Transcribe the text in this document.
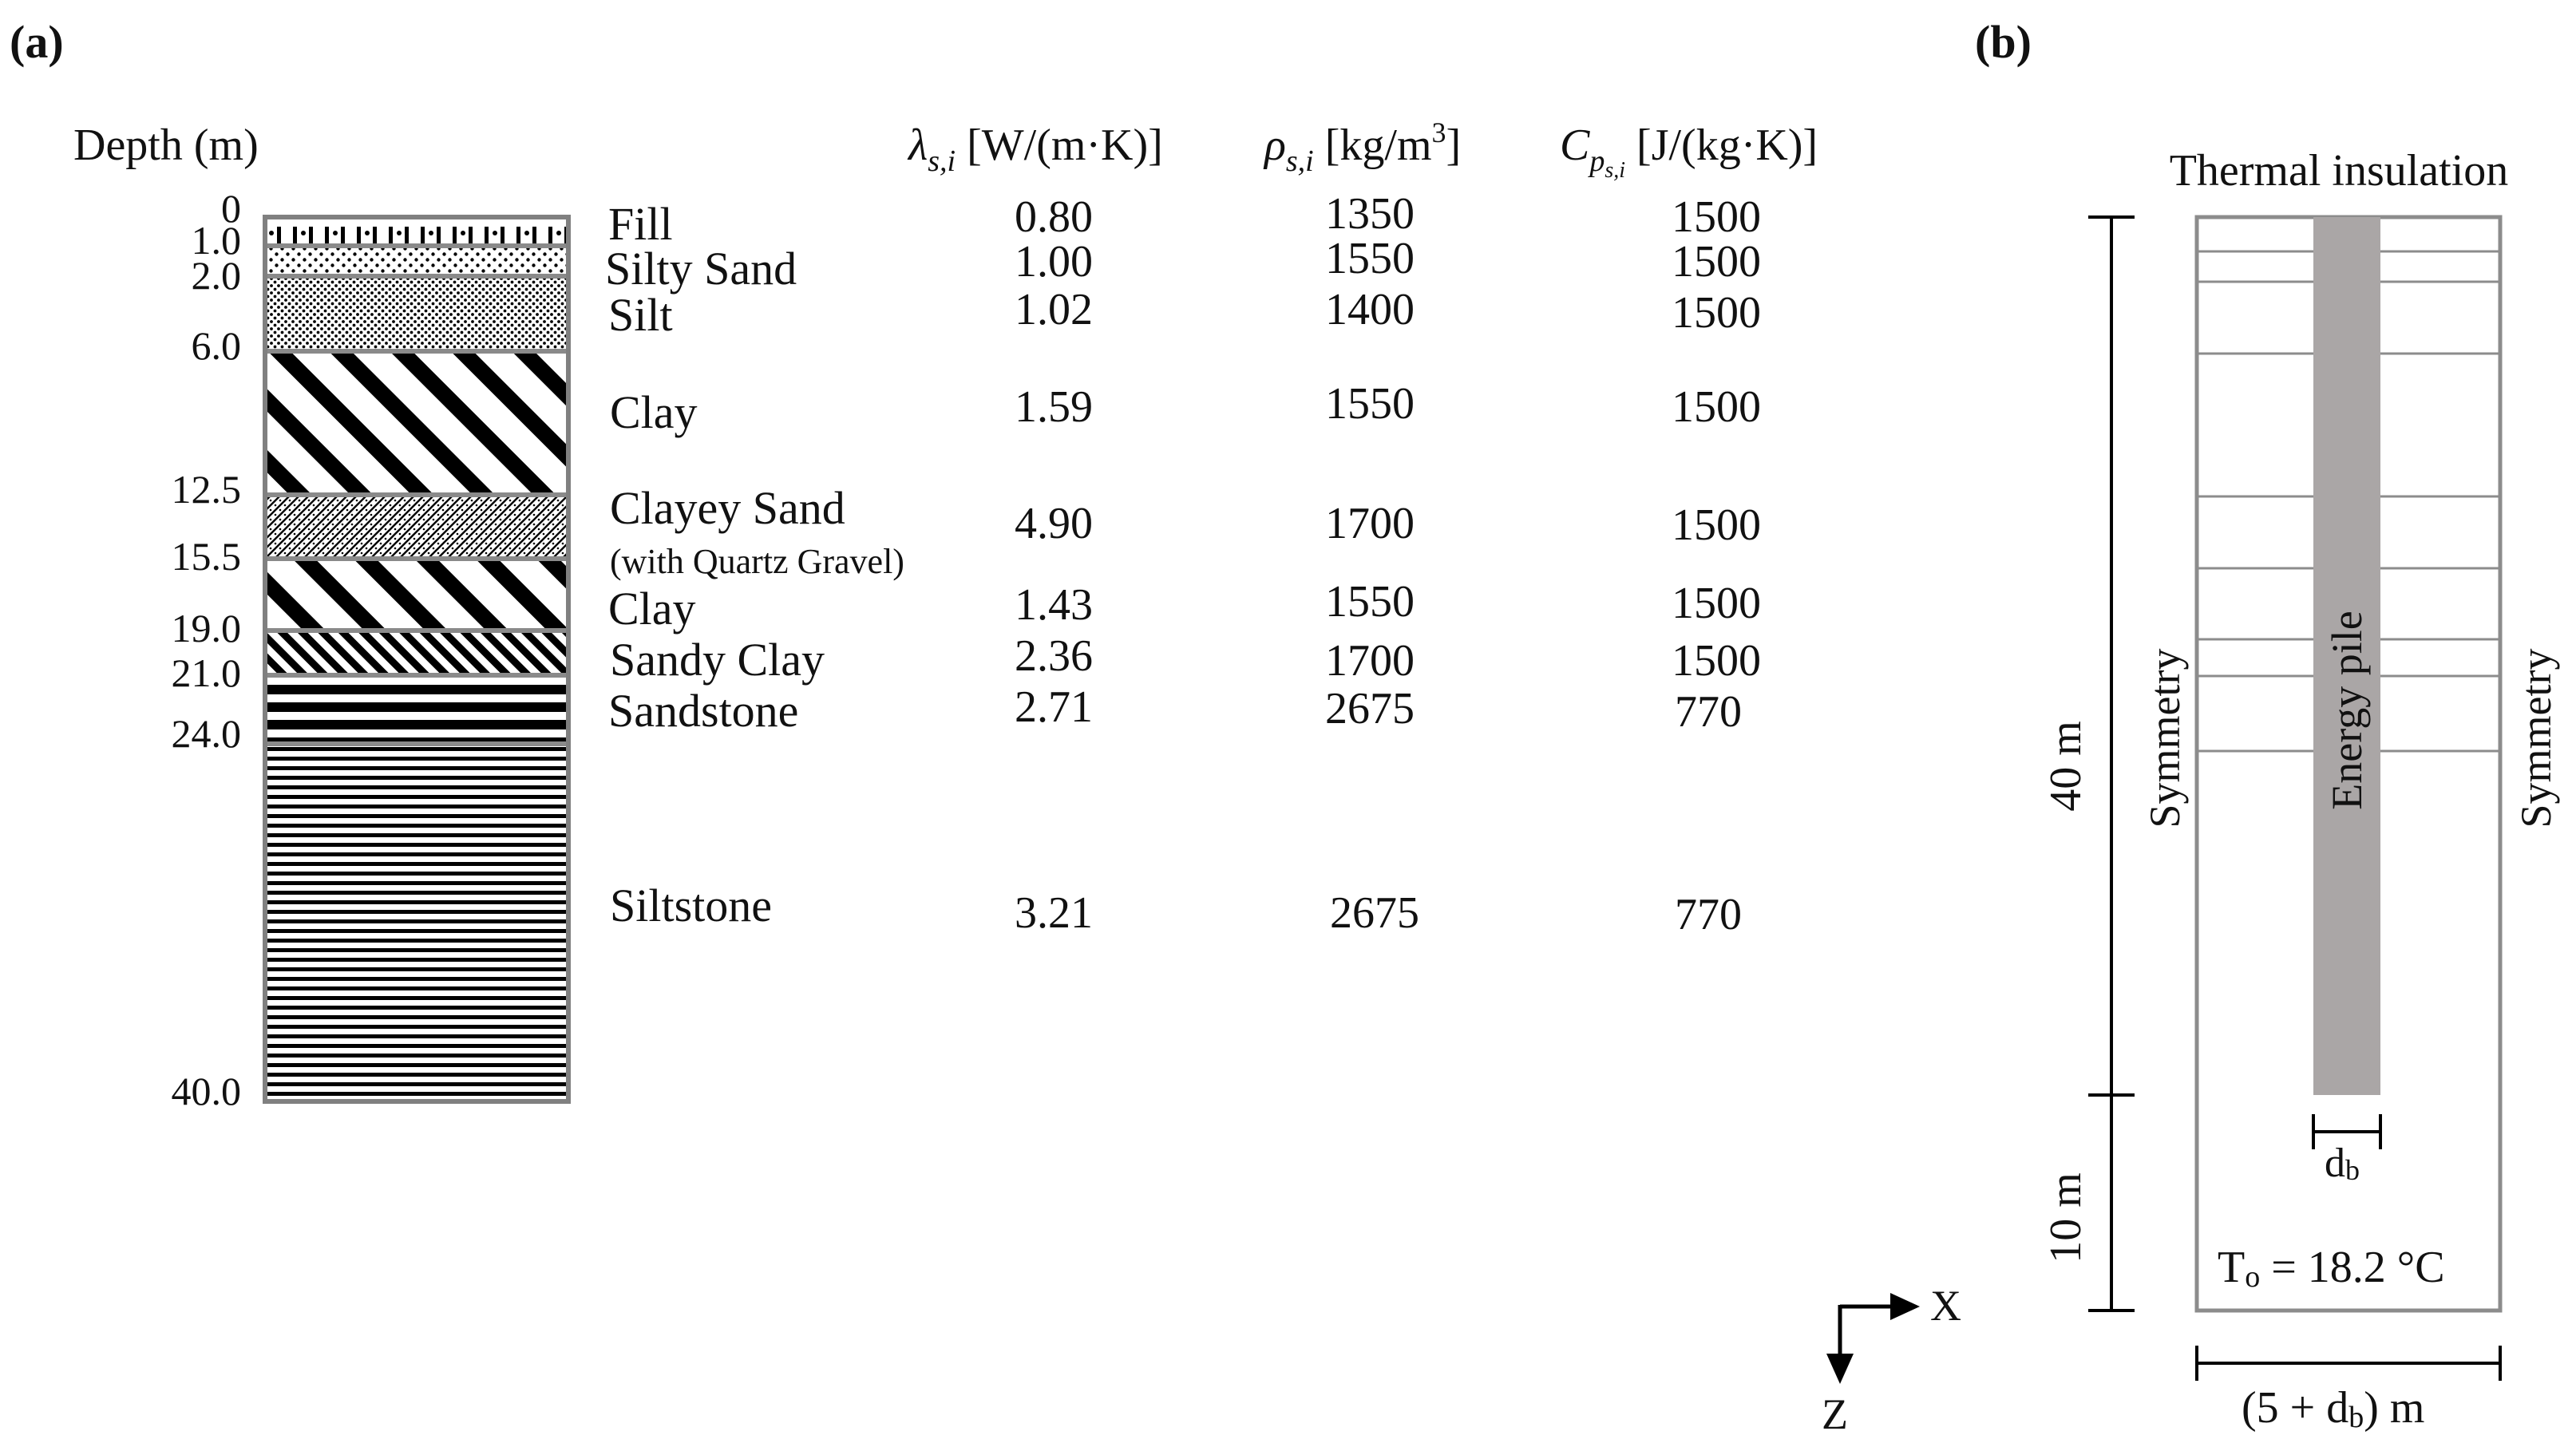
(a)
Depth (m)	$\lambda_{s,i}$ [W/(m·K)] $\rho_{s,i}$ $[kg/m^3]$ $C_ps,i$ [J/(kg·K)]
0
1.0
2.0
6.0
12.5
15.5
19.0
21.0
24.0
40.0
Fill
Silty Sand
Silt
Clay
Clayey Sand
(with Quartz Gravel)
Clay
Sandy Clay
Sandstone
Siltstone
0.80
1.00
1.02
1.59
4.90
1.43
2.36
2.71
3.21
1350
1550
1400
1550
1700
1550
1700
2675
2675
1500
1500
1500
1500
1500
1500
1500
770
770
X
Z
(b)
Thermal insulation
Energy pile
Symmetry	Symmetry
40 m
10 m
db
To = 18.2 °C
(5 + db) m
